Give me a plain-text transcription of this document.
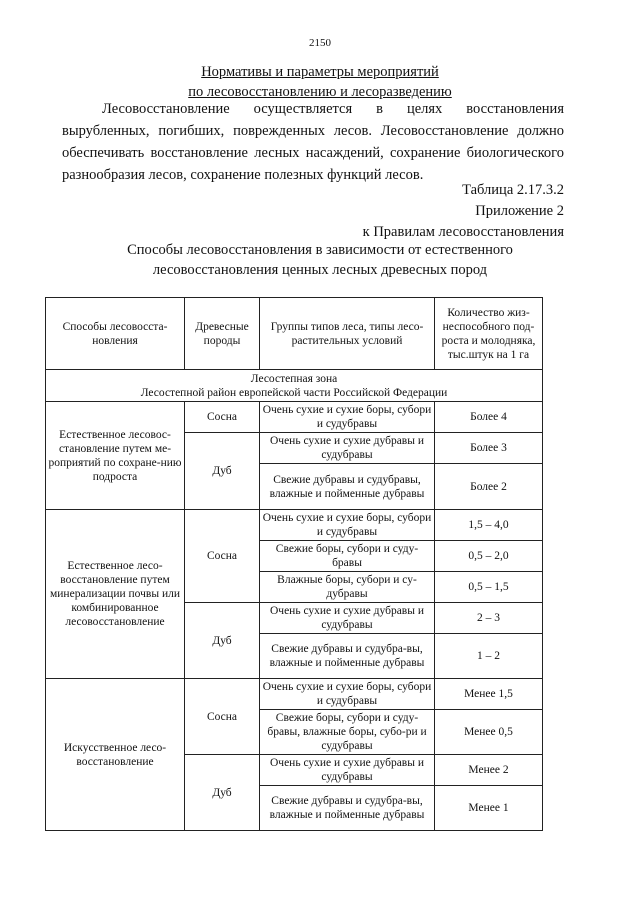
2150
Нормативы и параметры мероприятий
по лесовосстановлению и лесоразведению

Лесовосстановление осуществляется в целях восстановления вырубленных, погибших, поврежденных лесов. Лесовосстановление должно обеспечивать восстановление лесных насаждений, сохранение биологического разнообразия лесов, сохранение полезных функций лесов.

Таблица 2.17.3.2
Приложение 2
к Правилам лесовосстановления
Способы лесовосстановления в зависимости от естественного
лесовосстановления ценных лесных древесных пород
Способы лесовосста-новления	Древесные породы	Группы типов леса, типы лесо-растительных условий	Количество жиз-неспособного под-роста и молодняка, тыс.штук на 1 га

Лесостепная зона
Лесостепной район европейской части Российской Федерации			

Естественное лесовос-становление путем ме-роприятий по сохране-нию подроста	Сосна	Очень сухие и сухие боры, субори и судубравы	Более 4
	Дуб	Очень сухие и сухие дубравы и судубравы	Более 3
		Свежие дубравы и судубравы, влажные и пойменные дубравы	Более 2
Естественное лесо-восстановление путем минерализации почвы или комбинированное лесовосстановление	Сосна	Очень сухие и сухие боры, субори и судубравы	1,5 – 4,0
		Свежие боры, субори и суду-бравы	0,5 – 2,0
		Влажные боры, субори и су-дубравы	0,5 – 1,5
	Дуб	Очень сухие и сухие дубравы и судубравы	2 – 3
		Свежие дубравы и судубра-вы, влажные и пойменные дубравы	1 – 2
Искусственное лесо-восстановление	Сосна	Очень сухие и сухие боры, субори и судубравы	Менее 1,5
		Свежие боры, субори и суду-бравы, влажные боры, субо-ри и судубравы	Менее 0,5
	Дуб	Очень сухие и сухие дубравы и судубравы	Менее 2
		Свежие дубравы и судубра-вы, влажные и пойменные дубравы	Менее 1
